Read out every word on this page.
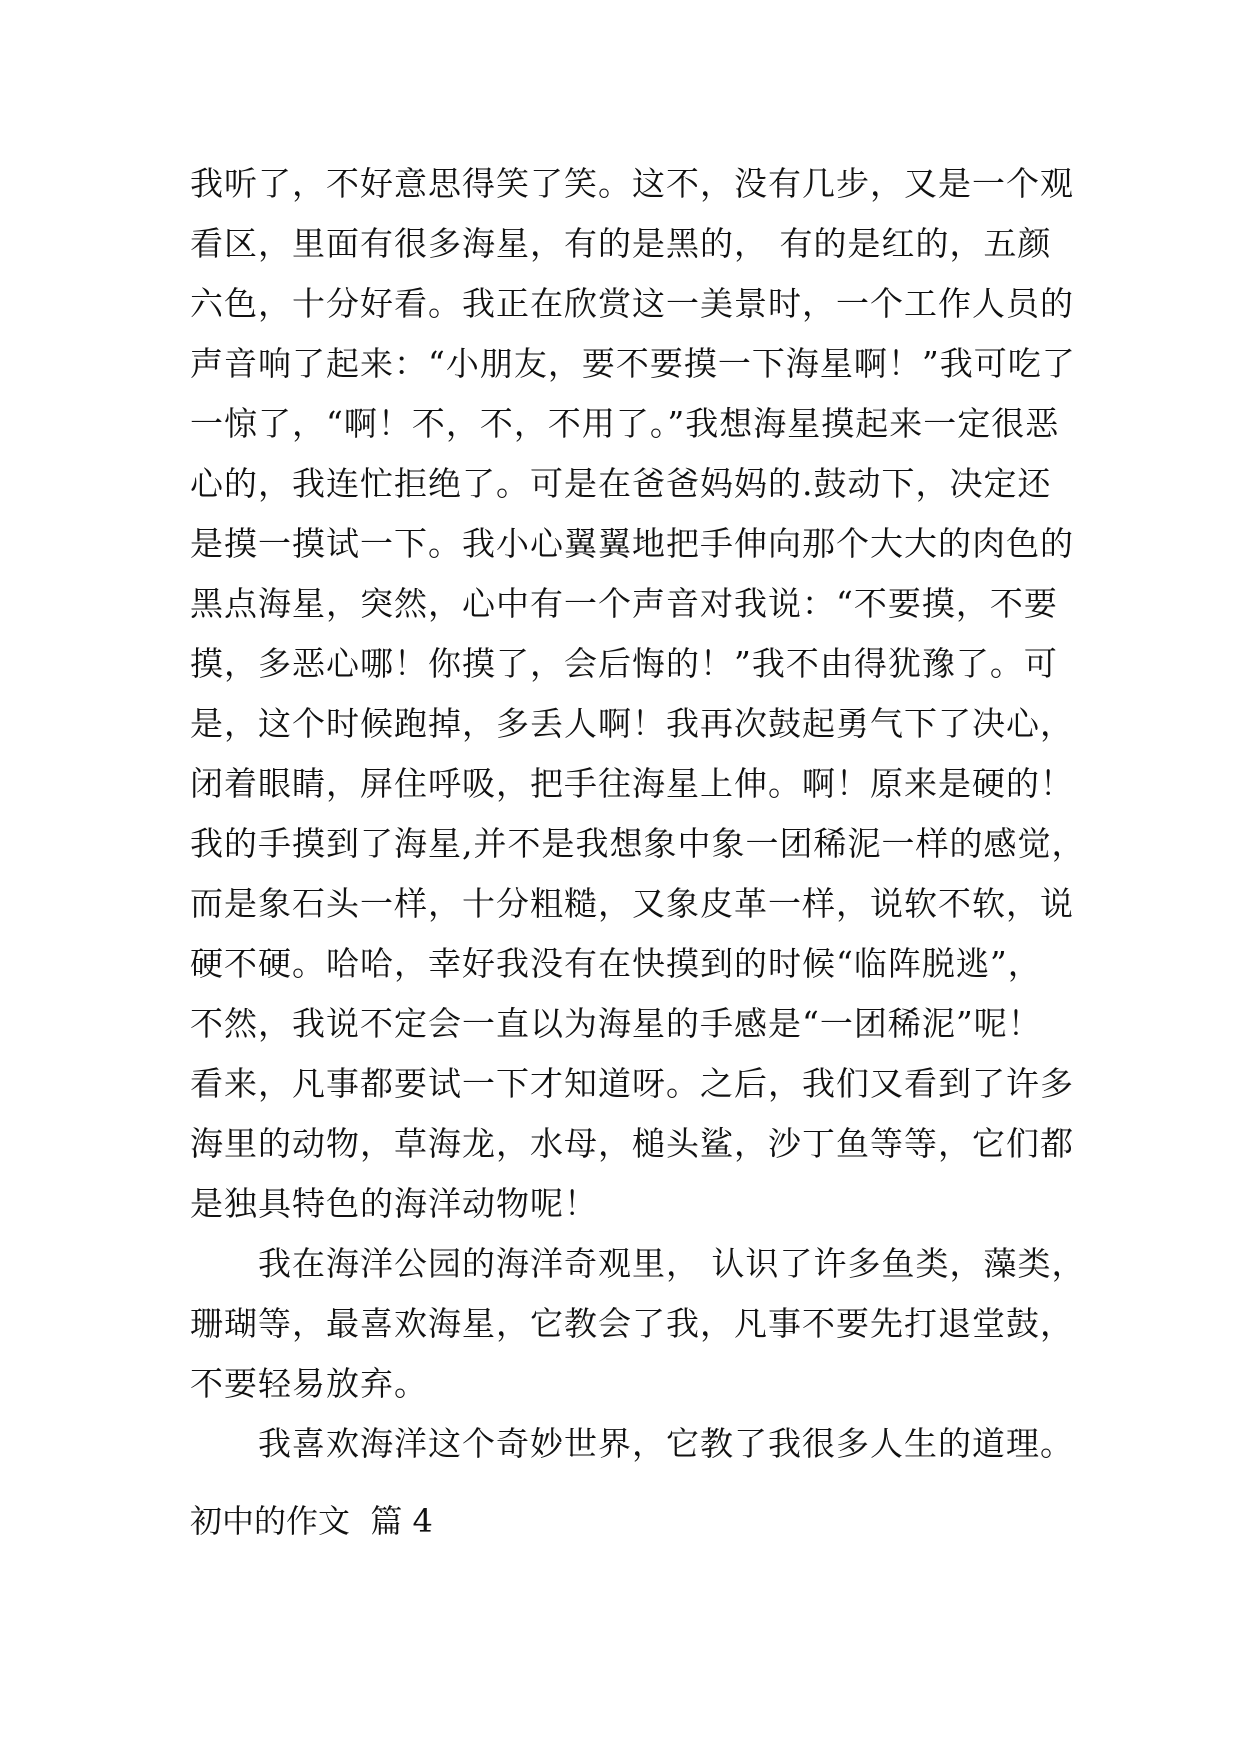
我听了，不好意思得笑了笑。这不，没有几步，又是一个观
看区，里面有很多海星，有的是黑的， 有的是红的，五颜
六色，十分好看。我正在欣赏这一美景时，一个工作人员的
声音响了起来：“小朋友，要不要摸一下海星啊！”我可吃了
一惊了，“啊！不，不，不用了。”我想海星摸起来一定很恶
心的，我连忙拒绝了。可是在爸爸妈妈的.鼓动下，决定还
是摸一摸试一下。我小心翼翼地把手伸向那个大大的肉色的
黑点海星，突然，心中有一个声音对我说：“不要摸，不要
摸，多恶心哪！你摸了，会后悔的！”我不由得犹豫了。可
是，这个时候跑掉，多丢人啊！我再次鼓起勇气下了决心，
闭着眼睛，屏住呼吸，把手往海星上伸。啊！原来是硬的！
我的手摸到了海星,并不是我想象中象一团稀泥一样的感觉，
而是象石头一样，十分粗糙，又象皮革一样，说软不软，说
硬不硬。哈哈，幸好我没有在快摸到的时候“临阵脱逃”，
不然，我说不定会一直以为海星的手感是“一团稀泥”呢！
看来，凡事都要试一下才知道呀。之后，我们又看到了许多
海里的动物，草海龙，水母，槌头鲨，沙丁鱼等等，它们都
是独具特色的海洋动物呢！
　　我在海洋公园的海洋奇观里， 认识了许多鱼类，藻类，
珊瑚等，最喜欢海星，它教会了我，凡事不要先打退堂鼓，
不要轻易放弃。
　　我喜欢海洋这个奇妙世界，它教了我很多人生的道理。
初中的作文  篇 4
